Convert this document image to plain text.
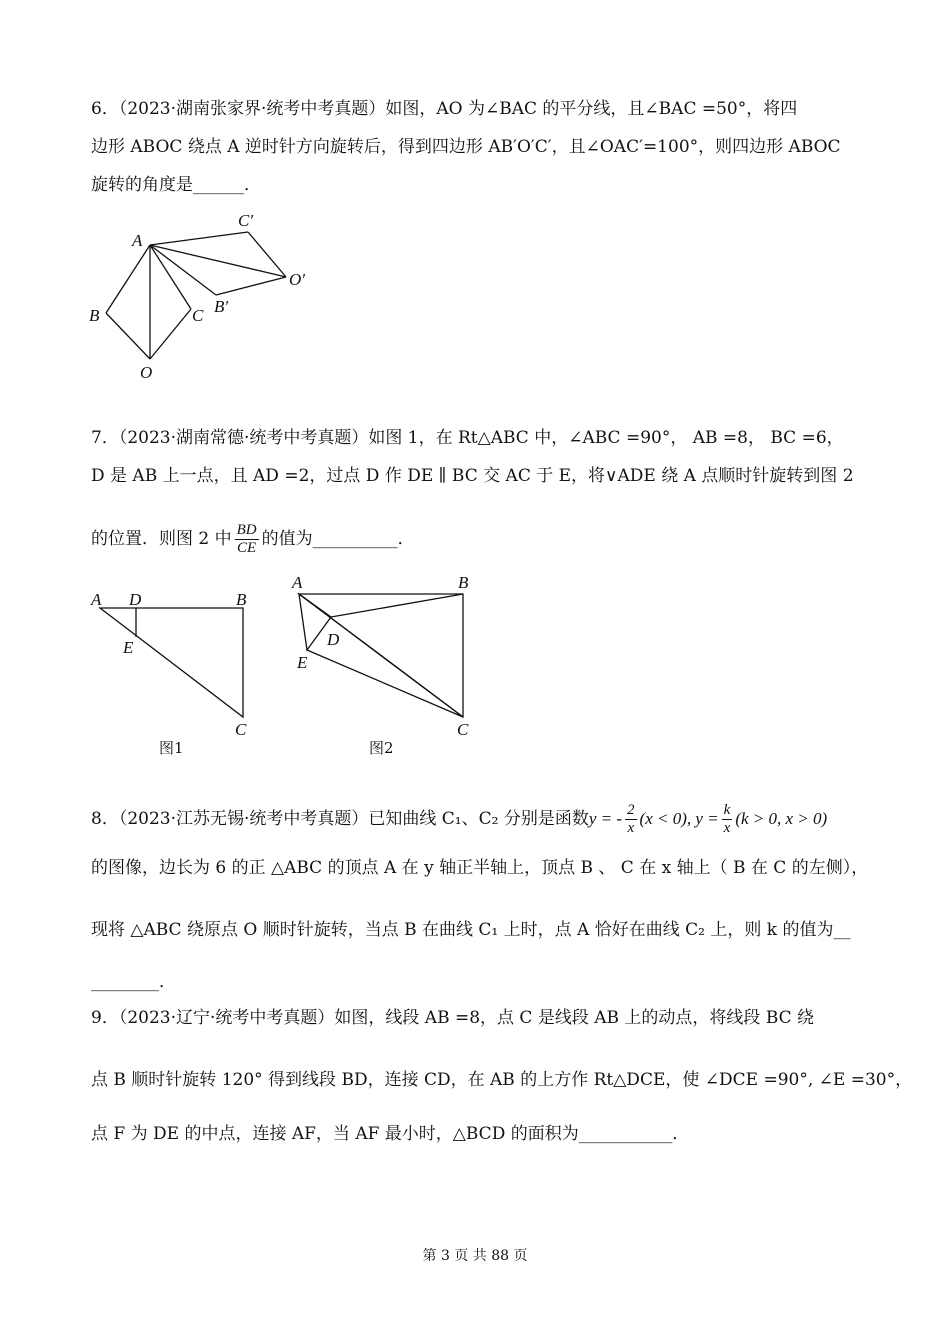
6．（2023·湖南张家界·统考中考真题）如图，AO 为∠BAC 的平分线，且∠BAC =50°，将四
边形 ABOC 绕点 A 逆时针方向旋转后，得到四边形 AB′O′C′，且∠OAC′=100°，则四边形 ABOC
旋转的角度是______．
A
B	C
O
C′
O′
B′
7．（2023·湖南常德·统考中考真题）如图 1，在 Rt△ABC 中，∠ABC =90°， AB =8， BC =6，
D 是 AB 上一点，且 AD =2，过点 D 作 DE ∥ BC 交 AC 于 E，将∨ADE 绕 A 点顺时针旋转到图 2
的位置．则图 2 中 $\frac{BD}{CE}$ 的值为__________．
A D	B
E
C
图1
A	B
D
E
C
图2
8．（2023·江苏无锡·统考中考真题）已知曲线 C₁、C₂ 分别是函数y = - $\frac{2}{x} (x < 0)$, $y = \frac{k}{x} (k > 0$, x > 0)
的图像，边长为 6 的正 △ABC 的顶点 A 在 y 轴正半轴上，顶点 B 、 C 在 x 轴上（ B 在 C 的左侧），
现将 △ABC 绕原点 O 顺时针旋转，当点 B 在曲线 C₁ 上时，点 A 恰好在曲线 C₂ 上，则 k 的值为__
________．
9．（2023·辽宁·统考中考真题）如图，线段 AB =8，点 C 是线段 AB 上的动点，将线段 BC 绕
点 B 顺时针旋转 120° 得到线段 BD，连接 CD，在 AB 的上方作 Rt△DCE，使 ∠DCE =90°, ∠E =30°，
点 F 为 DE 的中点，连接 AF，当 AF 最小时，△BCD 的面积为___________．
第 3 页 共 88 页
